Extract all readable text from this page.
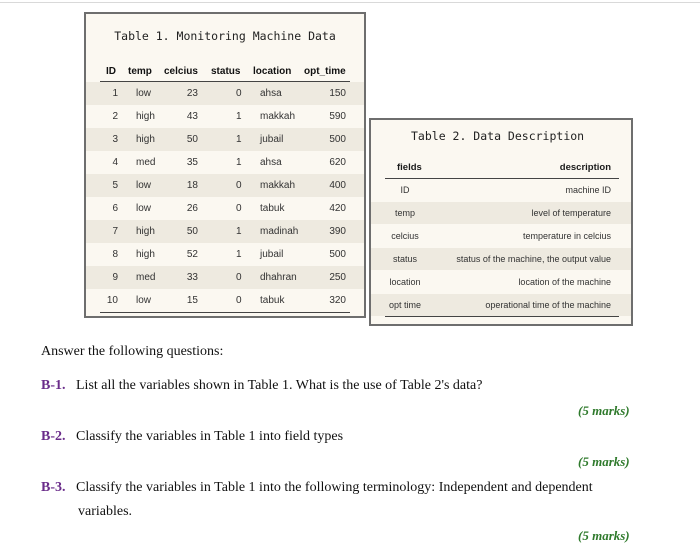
Table 1. Monitoring Machine Data
ID temp celcius status location opt_time
1 low	23	0 ahsa	150
2 high	43	1 makkah	590
3 high	50	1 jubail	500
4 med	35	1 ahsa	620
5 low	18	0 makkah	400
6 low	26	0 tabuk	420
7 high	50	1 madinah	390
8 high	52	1 jubail	500
9 med	33	0 dhahran	250
10 low	15	0 tabuk	320
Table 2. Data Description
fields	description
ID	machine ID
temp	level of temperature
celcius	temperature in celcius
status	status of the machine, the output value
location	location of the machine
opt time	operational time of the machine
Answer the following questions:
B-1. List all the variables shown in Table 1. What is the use of Table 2's data?
(5 marks)
B-2. Classify the variables in Table 1 into field types
(5 marks)
B-3. Classify the variables in Table 1 into the following terminology: Independent and dependent
variables.
(5 marks)
